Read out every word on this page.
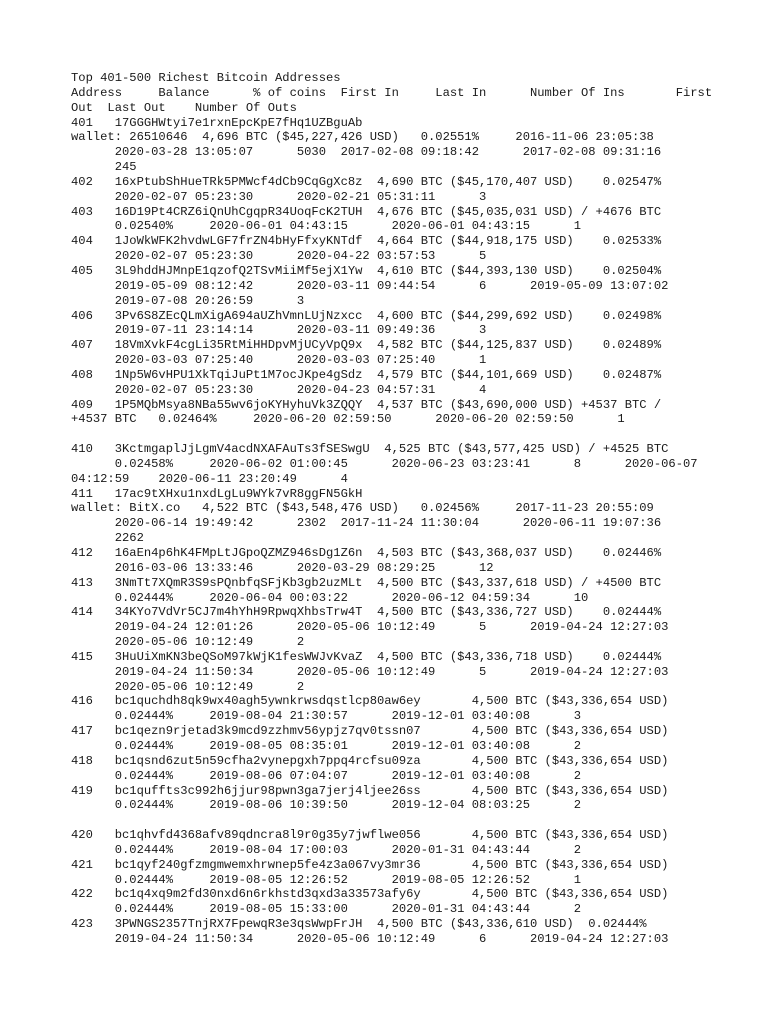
Top 401-500 Richest Bitcoin Addresses
Address     Balance      % of coins  First In     Last In      Number Of Ins       First
Out  Last Out    Number Of Outs
401   17GGGHWtyi7e1rxnEpcKpE7fHq1UZBguAb
wallet: 26510646  4,696 BTC ($45,227,426 USD)   0.02551%     2016-11-06 23:05:38
2020-03-28 13:05:07      5030  2017-02-08 09:18:42      2017-02-08 09:31:16
245
402   16xPtubShHueTRk5PMWcf4dCb9CqGgXc8z  4,690 BTC ($45,170,407 USD)    0.02547%
2020-02-07 05:23:30      2020-02-21 05:31:11      3
403   16D19Pt4CRZ6iQnUhCgqpR34UoqFcK2TUH  4,676 BTC ($45,035,031 USD) / +4676 BTC
0.02540%     2020-06-01 04:43:15      2020-06-01 04:43:15      1
404   1JoWkWFK2hvdwLGF7frZN4bHyFfxyKNTdf  4,664 BTC ($44,918,175 USD)    0.02533%
2020-02-07 05:23:30      2020-04-22 03:57:53      5
405   3L9hddHJMnpE1qzofQ2TSvMiiMf5ejX1Yw  4,610 BTC ($44,393,130 USD)    0.02504%
2019-05-09 08:12:42      2020-03-11 09:44:54      6      2019-05-09 13:07:02
2019-07-08 20:26:59      3
406   3Pv6S8ZEcQLmXigA694aUZhVmnLUjNzxcc  4,600 BTC ($44,299,692 USD)    0.02498%
2019-07-11 23:14:14      2020-03-11 09:49:36      3
407   18VmXvkF4cgLi35RtMiHHDpvMjUCyVpQ9x  4,582 BTC ($44,125,837 USD)    0.02489%
2020-03-03 07:25:40      2020-03-03 07:25:40      1
408   1Np5W6vHPU1XkTqiJuPt1M7ocJKpe4gSdz  4,579 BTC ($44,101,669 USD)    0.02487%
2020-02-07 05:23:30      2020-04-23 04:57:31      4
409   1P5MQbMsya8NBa55wv6joKYHyhuVk3ZQQY  4,537 BTC ($43,690,000 USD) +4537 BTC /
+4537 BTC   0.02464%     2020-06-20 02:59:50      2020-06-20 02:59:50      1
410   3KctmgaplJjLgmV4acdNXAFAuTs3fSESwgU  4,525 BTC ($43,577,425 USD) / +4525 BTC
0.02458%     2020-06-02 01:00:45      2020-06-23 03:23:41      8      2020-06-07
04:12:59    2020-06-11 23:20:49      4
411   17ac9tXHxu1nxdLgLu9WYk7vR8ggFN5GkH
wallet: BitX.co   4,522 BTC ($43,548,476 USD)   0.02456%     2017-11-23 20:55:09
2020-06-14 19:49:42      2302  2017-11-24 11:30:04      2020-06-11 19:07:36
2262
412   16aEn4p6hK4FMpLtJGpoQZMZ946sDg1Z6n  4,503 BTC ($43,368,037 USD)    0.02446%
2016-03-06 13:33:46      2020-03-29 08:29:25      12
413   3NmTt7XQmR3S9sPQnbfqSFjKb3gb2uzMLt  4,500 BTC ($43,337,618 USD) / +4500 BTC
0.02444%     2020-06-04 00:03:22      2020-06-12 04:59:34      10
414   34KYo7VdVr5CJ7m4hYhH9RpwqXhbsTrw4T  4,500 BTC ($43,336,727 USD)    0.02444%
2019-04-24 12:01:26      2020-05-06 10:12:49      5      2019-04-24 12:27:03
2020-05-06 10:12:49      2
415   3HuUiXmKN3beQSoM97kWjK1fesWWJvKvaZ  4,500 BTC ($43,336,718 USD)    0.02444%
2019-04-24 11:50:34      2020-05-06 10:12:49      5      2019-04-24 12:27:03
2020-05-06 10:12:49      2
416   bc1quchdh8qk9wx40agh5ywnkrwsdqstlcp80aw6ey       4,500 BTC ($43,336,654 USD)
0.02444%     2019-08-04 21:30:57      2019-12-01 03:40:08      3
417   bc1qezn9rjetad3k9mcd9zzhmv56ypjz7qv0tssn07       4,500 BTC ($43,336,654 USD)
0.02444%     2019-08-05 08:35:01      2019-12-01 03:40:08      2
418   bc1qsnd6zut5n59cfha2vynepgxh7ppq4rcfsu09za       4,500 BTC ($43,336,654 USD)
0.02444%     2019-08-06 07:04:07      2019-12-01 03:40:08      2
419   bc1quffts3c992h6jjur98pwn3ga7jerj4ljee26ss       4,500 BTC ($43,336,654 USD)
0.02444%     2019-08-06 10:39:50      2019-12-04 08:03:25      2
420   bc1qhvfd4368afv89qdncra8l9r0g35y7jwflwe056       4,500 BTC ($43,336,654 USD)
0.02444%     2019-08-04 17:00:03      2020-01-31 04:43:44      2
421   bc1qyf240gfzmgmwemxhrwnep5fe4z3a067vy3mr36       4,500 BTC ($43,336,654 USD)
0.02444%     2019-08-05 12:26:52      2019-08-05 12:26:52      1
422   bc1q4xq9m2fd30nxd6n6rkhstd3qxd3a33573afy6y       4,500 BTC ($43,336,654 USD)
0.02444%     2019-08-05 15:33:00      2020-01-31 04:43:44      2
423   3PWNGS2357TnjRX7FpewqR3e3qsWwpFrJH  4,500 BTC ($43,336,610 USD)  0.02444%
2019-04-24 11:50:34      2020-05-06 10:12:49      6      2019-04-24 12:27:03
